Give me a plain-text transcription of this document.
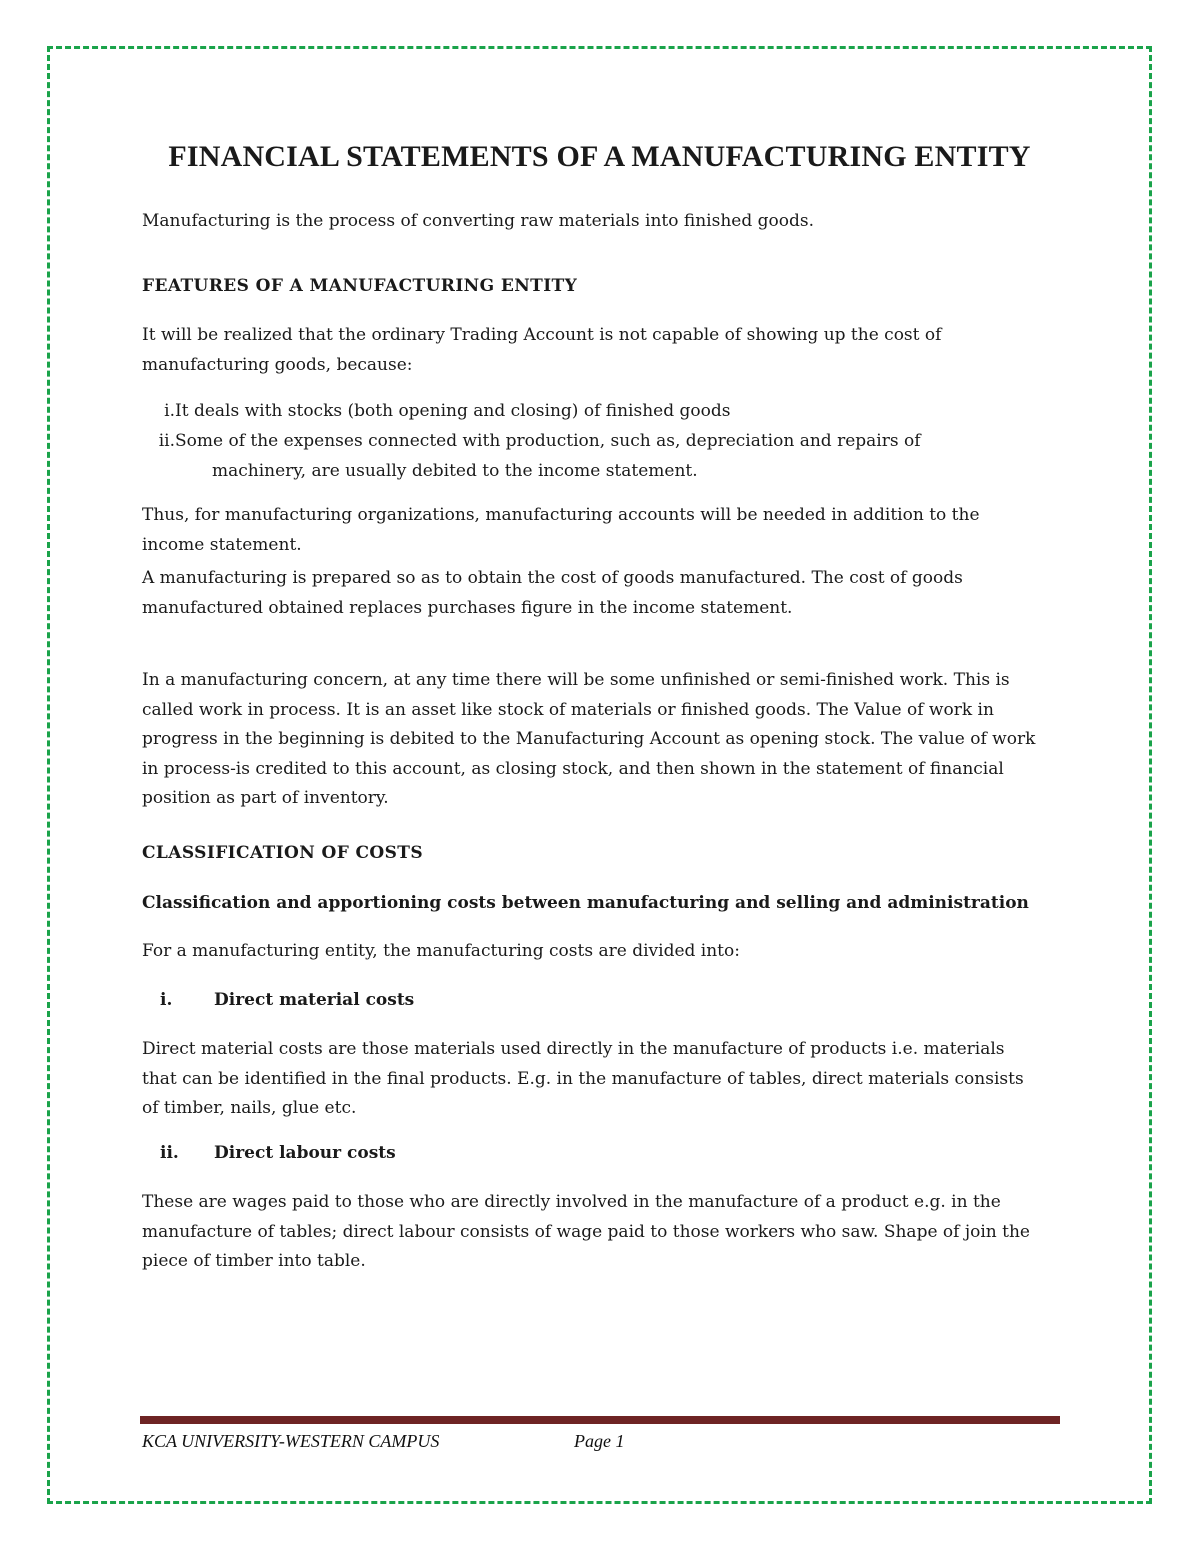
FINANCIAL STATEMENTS OF A MANUFACTURING ENTITY

Manufacturing is the process of converting raw materials into finished goods.

FEATURES OF A MANUFACTURING ENTITY

It will be realized that the ordinary Trading Account is not capable of showing up the cost of manufacturing goods, because:

i.It deals with stocks (both opening and closing) of finished goods
ii.Some of the expenses connected with production, such as, depreciation and repairs of
machinery, are usually debited to the income statement.

Thus, for manufacturing organizations, manufacturing accounts will be needed in addition to the income statement.

A manufacturing is prepared so as to obtain the cost of goods manufactured. The cost of goods manufactured obtained replaces purchases figure in the income statement.

In a manufacturing concern, at any time there will be some unfinished or semi-finished work. This is called work in process. It is an asset like stock of materials or finished goods. The Value of work in progress in the beginning is debited to the Manufacturing Account as opening stock. The value of work in process-is credited to this account, as closing stock, and then shown in the statement of financial position as part of inventory.

CLASSIFICATION OF COSTS

Classification and apportioning costs between manufacturing and selling and administration

For a manufacturing entity, the manufacturing costs are divided into:

i. Direct material costs

Direct material costs are those materials used directly in the manufacture of products i.e. materials that can be identified in the final products. E.g. in the manufacture of tables, direct materials consists of timber, nails, glue etc.

ii. Direct labour costs

These are wages paid to those who are directly involved in the manufacture of a product e.g. in the manufacture of tables; direct labour consists of wage paid to those workers who saw. Shape of join the piece of timber into table.

KCA UNIVERSITY-WESTERN CAMPUS	Page 1
